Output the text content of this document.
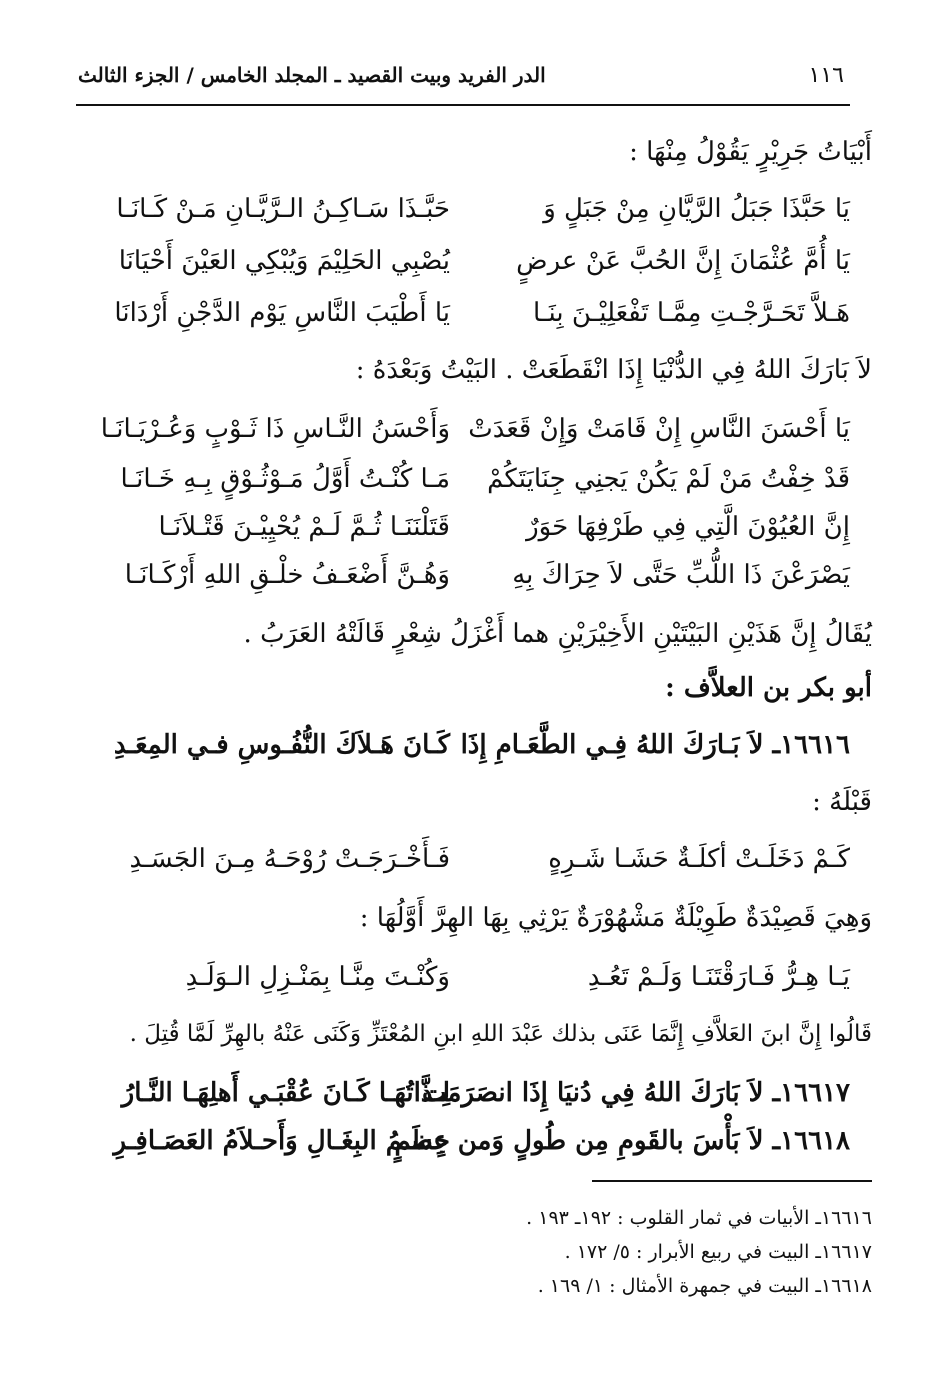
١١٦
الدر الفريد وبيت القصيد ـ المجلد الخامس / الجزء الثالث
أَبْيَاتُ جَرِيْرٍ يَقُوْلُ مِنْهَا :
يَا حَبَّذَا جَبَلُ الرَّيَّانِ مِنْ جَبَلٍ وَ
حَبَّـذَا سَـاكِـنُ الـرَّيَّـانِ مَـنْ كَـانَـا
يَا أُمَّ عُثْمَانَ إِنَّ الحُبَّ عَنْ عرضٍ
يُصْبِي الحَلِيْمَ وَيُبْكِي العَيْنَ أَحْيَانَا
هَـلاَّ تَحَـرَّجْـتِ مِمَّـا تَفْعَلِيْـنَ بِنَـا
يَا أَطْيَبَ النَّاسِ يَوْم الدَّجْنِ أَرْدَانَا
لاَ بَارَكَ اللهُ فِي الدُّنْيَا إِذَا انْقَطَعَتْ . البَيْتُ وَبَعْدَهُ :
يَا أَحْسَنَ النَّاسِ إِنْ قَامَتْ وَإِنْ قَعَدَتْ
وَأَحْسَنُ النَّـاسِ ذَا ثَـوْبٍ وَعُـرْيَـانَـا
قَدْ خِفْتُ مَنْ لَمْ يَكُنْ يَجنِي جِنَايَتَكُمْ
مَـا كُنْـتُ أَوَّلُ مَـوْثُـوْقٍ بِـهِ خَـانَـا
إِنَّ العُيُوْنَ الَّتِي فِي طَرْفِهَا حَوَرٌ
قَتَلْنَنَـا ثُـمَّ لَـمْ يُحْيِيْـنَ قَتْـلاَنَـا
يَصْرَعْنَ ذَا اللُّبِّ حَتَّى لاَ حِرَاكَ بِهِ
وَهُـنَّ أَضْعَـفُ خلْـقِ اللهِ أَرْكَـانَـا
يُقَالُ إِنَّ هَذَيْنِ البَيْتَيْنِ الأَخِيْرَيْنِ هما أَغْزَلُ شِعْرٍ قَالَتْهُ العَرَبُ .
أبو بكر بن العلاَّف :
١٦٦١٦ـ لاَ بَـارَكَ اللهُ فِـي الطَّعَـامِ إِذَا
كَـانَ هَـلاَكَ النُّفُـوسِ فـي المِعَـدِ
قَبْلَهُ :
كَـمْ دَخَلَـتْ أكلَـةٌ حَشَـا شَـرِهٍ
فَـأَخْـرَجَـتْ رُوْحَـهُ مِـنَ الجَسَـدِ
وَهِيَ قَصِيْدَةٌ طَوِيْلَةٌ مَشْهُوْرَةٌ يَرْثِي بِهَا الهِرَّ أَوَّلُهَا :
يَـا هِـرُّ فَـارَقْتَنَـا وَلَـمْ تَعُـدِ
وَكُنْـتَ مِنَّـا بِمَنْـزِلِ الـوَلَـدِ
قَالُوا إِنَّ ابنَ العَلاَّفِ إِنَّمَا عَنَى بذلك عَبْدَ اللهِ ابنِ المُعْتَزِّ وَكَنَى عَنْهُ بالهِرِّ لَمَّا قُتِلَ .
١٦٦١٧ـ لاَ بَارَكَ اللهُ فِي دُنيَا إِذَا انصَرَمَت
لِـذَّاتُهَـا كَـانَ عُقْبَـي أَهلِهَـا النَّـارُ
١٦٦١٨ـ لاَ بَأْسَ بالقَومِ مِن طُولٍ وَمن عِظَمٍ
جِسـمُ البِغَـالِ وَأَحـلاَمُ العَصَـافِـرِ
١٦٦١٦ـ الأبيات في ثمار القلوب : ١٩٢ـ ١٩٣ .
١٦٦١٧ـ البيت في ربيع الأبرار : ٥/ ١٧٢ .
١٦٦١٨ـ البيت في جمهرة الأمثال : ١/ ١٦٩ .
